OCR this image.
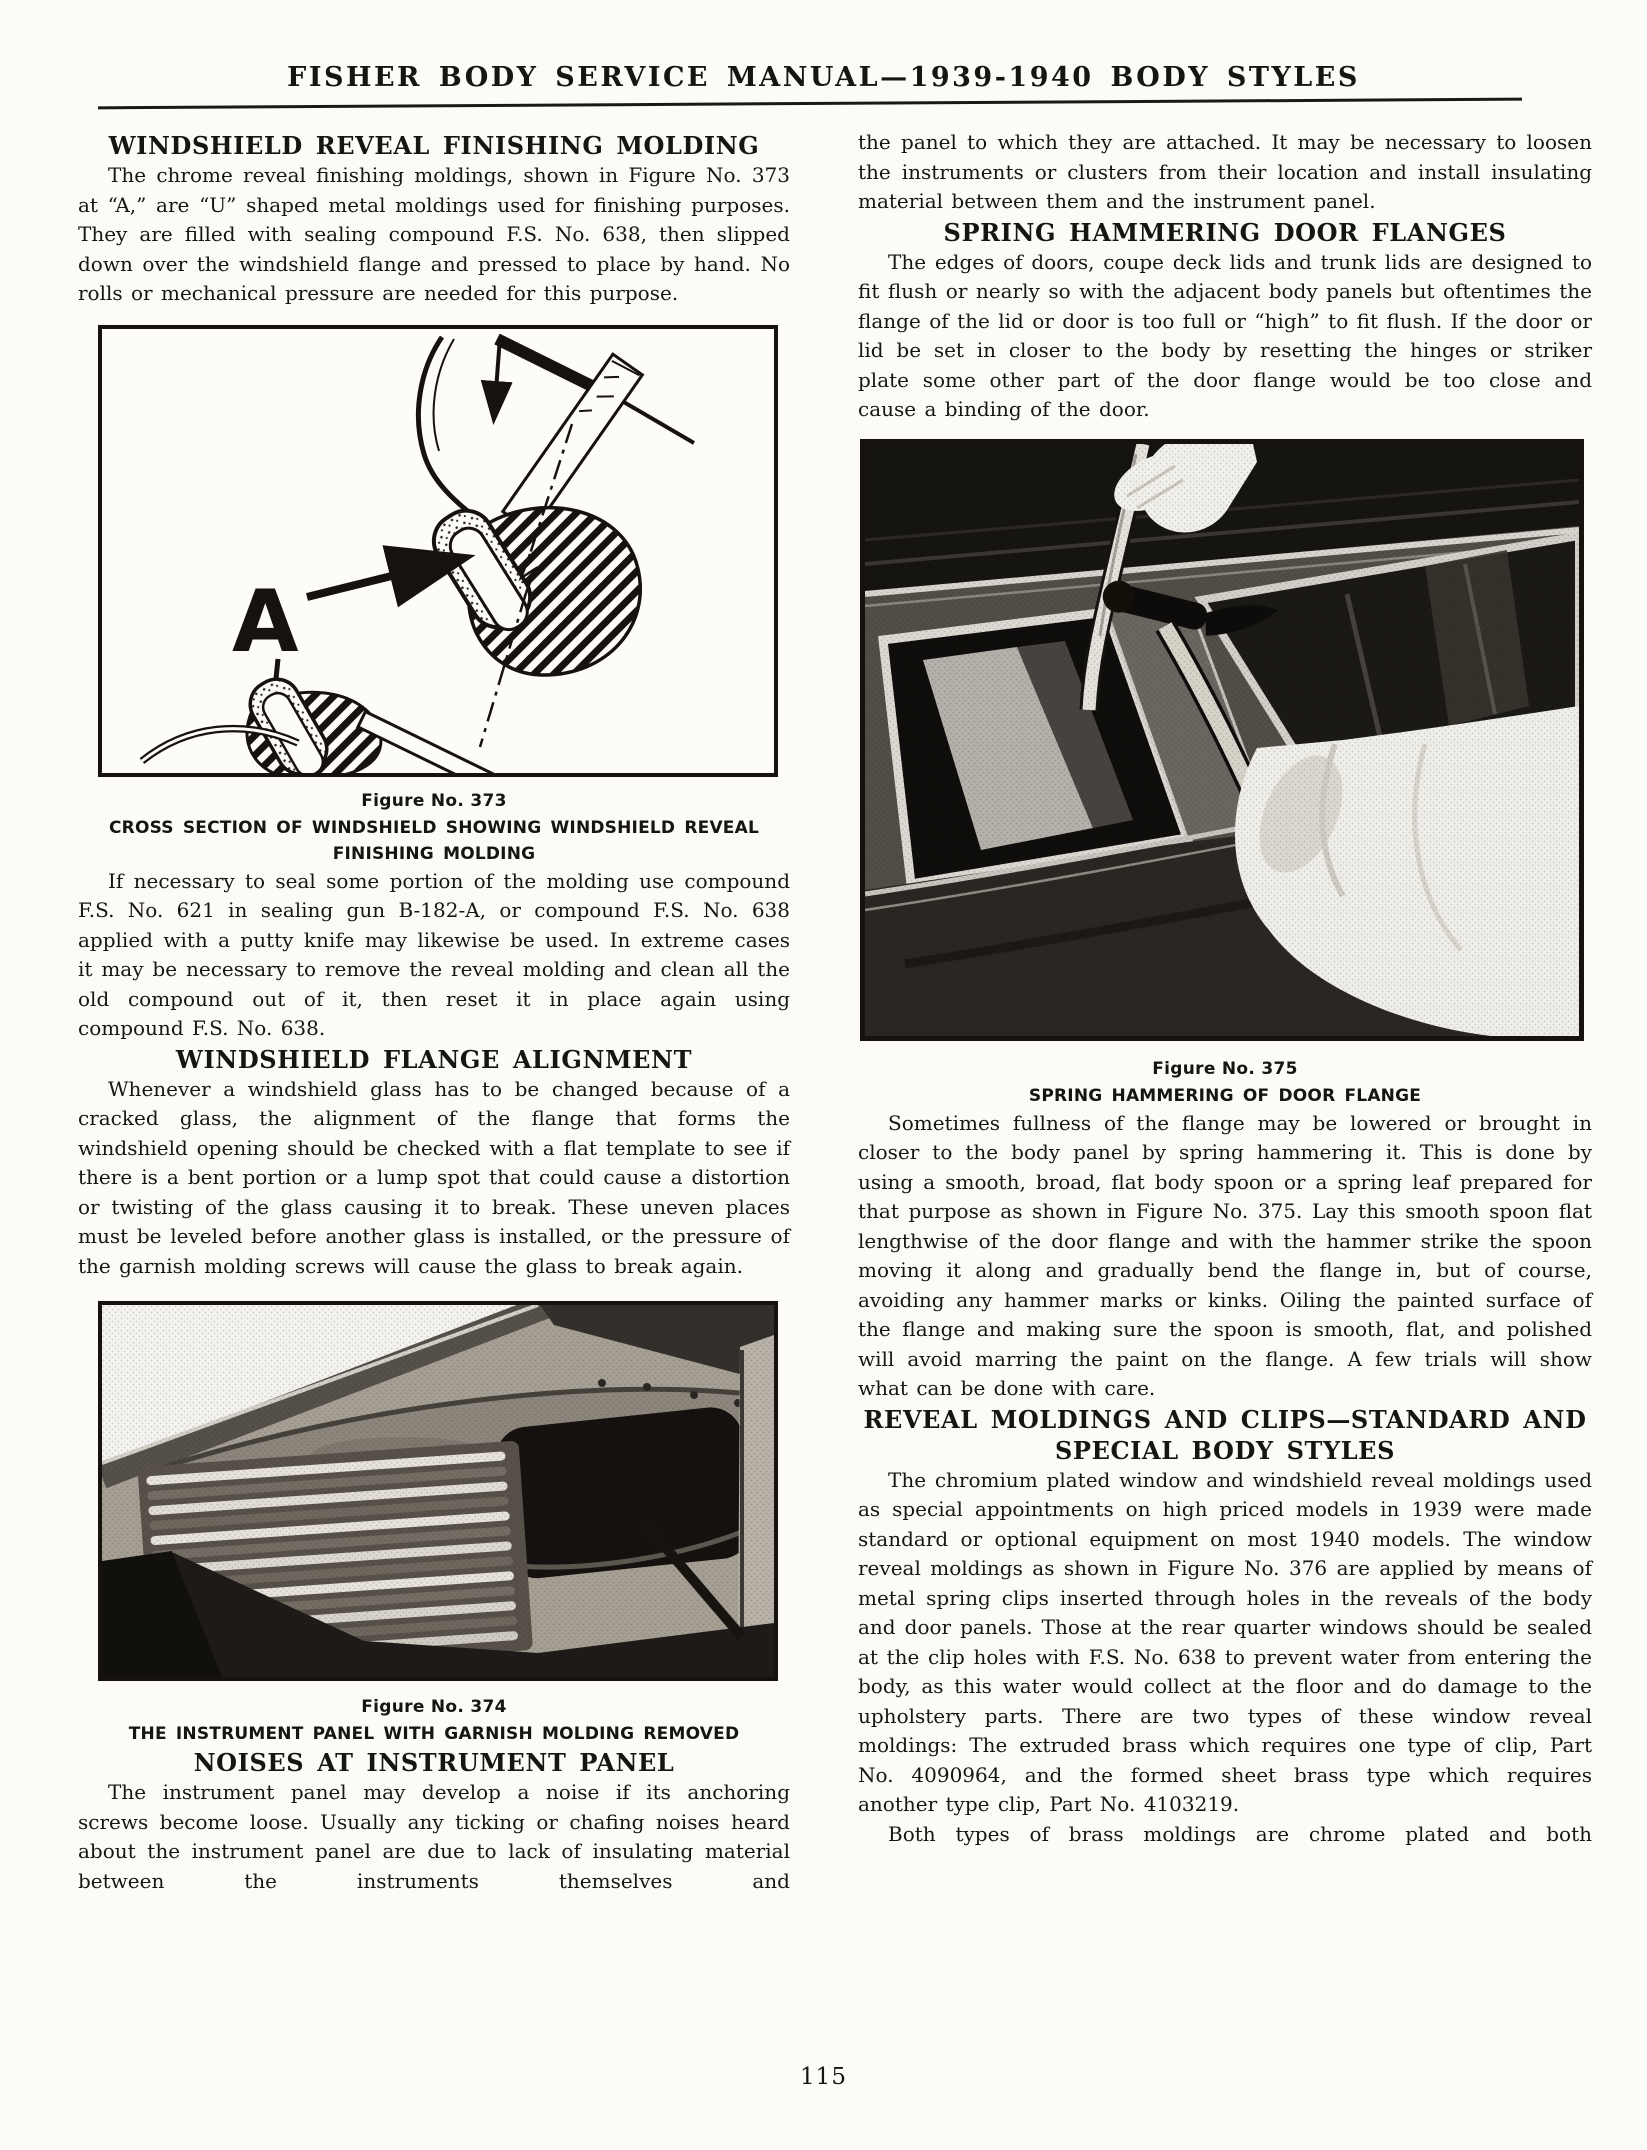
FISHER BODY SERVICE MANUAL—1939-1940 BODY STYLES
WINDSHIELD REVEAL FINISHING MOLDING

The chrome reveal finishing moldings, shown in Figure No. 373 at “A,” are “U” shaped metal moldings used for finishing purposes. They are filled with sealing compound F.S. No. 638, then slipped down over the windshield flange and pressed to place by hand. No rolls or mechanical pressure are needed for this purpose.

A

Figure No. 373

CROSS SECTION OF WINDSHIELD SHOWING WINDSHIELD REVEAL FINISHING MOLDING

If necessary to seal some portion of the molding use compound F.S. No. 621 in sealing gun B-182-A, or compound F.S. No. 638 applied with a putty knife may likewise be used. In extreme cases it may be necessary to remove the reveal molding and clean all the old compound out of it, then reset it in place again using compound F.S. No. 638.

WINDSHIELD FLANGE ALIGNMENT

Whenever a windshield glass has to be changed because of a cracked glass, the alignment of the flange that forms the windshield opening should be checked with a flat template to see if there is a bent portion or a lump spot that could cause a distortion or twisting of the glass causing it to break. These uneven places must be leveled before another glass is installed, or the pressure of the garnish molding screws will cause the glass to break again.

Figure No. 374

THE INSTRUMENT PANEL WITH GARNISH MOLDING REMOVED

NOISES AT INSTRUMENT PANEL

The instrument panel may develop a noise if its anchoring screws become loose. Usually any ticking or chafing noises heard about the instrument panel are due to lack of insulating material between the instruments themselves and

the panel to which they are attached. It may be necessary to loosen the instruments or clusters from their location and install insulating material between them and the instrument panel.

SPRING HAMMERING DOOR FLANGES

The edges of doors, coupe deck lids and trunk lids are designed to fit flush or nearly so with the adjacent body panels but oftentimes the flange of the lid or door is too full or “high” to fit flush. If the door or lid be set in closer to the body by resetting the hinges or striker plate some other part of the door flange would be too close and cause a binding of the door.

Figure No. 375

SPRING HAMMERING OF DOOR FLANGE

Sometimes fullness of the flange may be lowered or brought in closer to the body panel by spring hammering it. This is done by using a smooth, broad, flat body spoon or a spring leaf prepared for that purpose as shown in Figure No. 375. Lay this smooth spoon flat lengthwise of the door flange and with the hammer strike the spoon moving it along and gradually bend the flange in, but of course, avoiding any hammer marks or kinks. Oiling the painted surface of the flange and making sure the spoon is smooth, flat, and polished will avoid marring the paint on the flange. A few trials will show what can be done with care.

REVEAL MOLDINGS AND CLIPS—STANDARD AND SPECIAL BODY STYLES

The chromium plated window and windshield reveal moldings used as special appointments on high priced models in 1939 were made standard or optional equipment on most 1940 models. The window reveal moldings as shown in Figure No. 376 are applied by means of metal spring clips inserted through holes in the reveals of the body and door panels. Those at the rear quarter windows should be sealed at the clip holes with F.S. No. 638 to prevent water from entering the body, as this water would collect at the floor and do damage to the upholstery parts. There are two types of these window reveal moldings: The extruded brass which requires one type of clip, Part No. 4090964, and the formed sheet brass type which requires another type clip, Part No. 4103219.

Both types of brass moldings are chrome plated and both

115
